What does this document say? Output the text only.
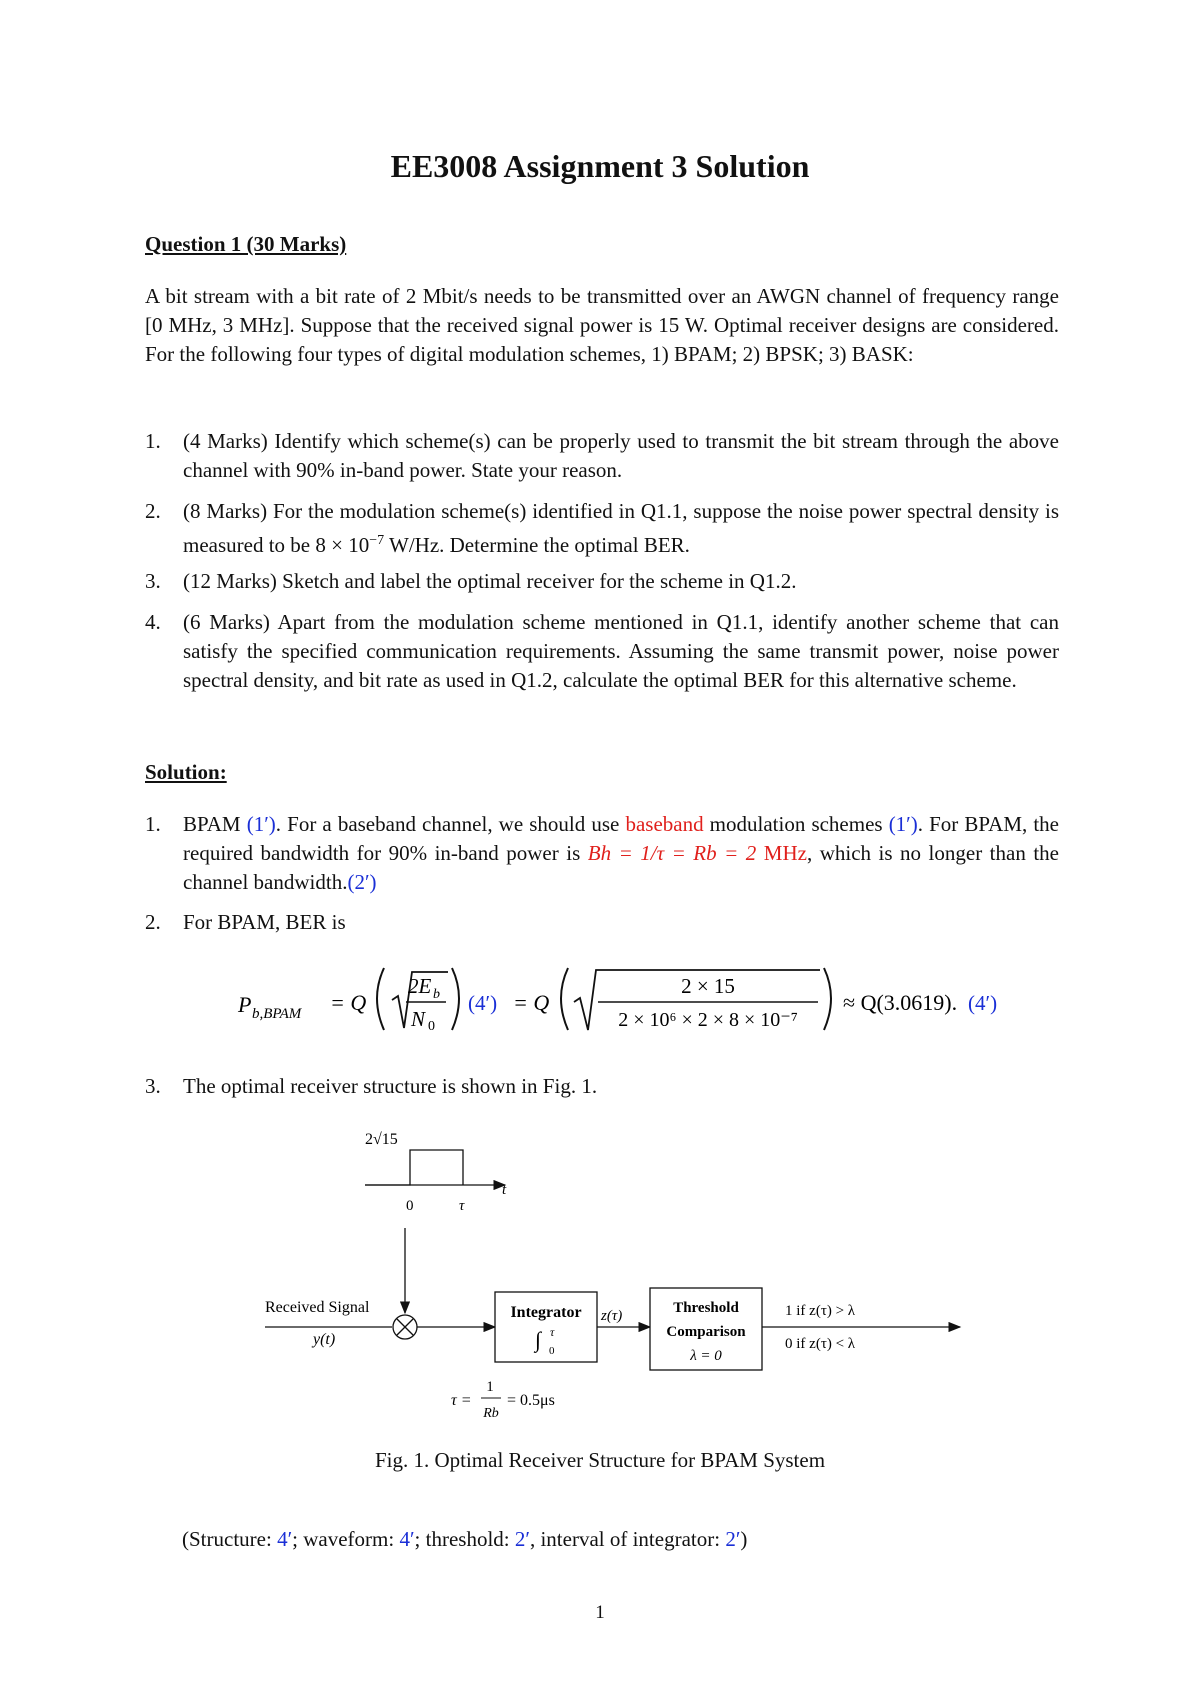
EE3008 Assignment 3 Solution
Question 1 (30 Marks)
A bit stream with a bit rate of 2 Mbit/s needs to be transmitted over an AWGN channel of frequency range [0 MHz, 3 MHz]. Suppose that the received signal power is 15 W. Optimal receiver designs are considered. For the following four types of digital modulation schemes, 1) BPAM; 2) BPSK; 3) BASK:
1. (4 Marks) Identify which scheme(s) can be properly used to transmit the bit stream through the above channel with 90% in-band power. State your reason.
2. (8 Marks) For the modulation scheme(s) identified in Q1.1, suppose the noise power spectral density is measured to be $8 \times 10^{-7}$ W/Hz. Determine the optimal BER.
3. (12 Marks) Sketch and label the optimal receiver for the scheme in Q1.2.
4. (6 Marks) Apart from the modulation scheme mentioned in Q1.1, identify another scheme that can satisfy the specified communication requirements. Assuming the same transmit power, noise power spectral density, and bit rate as used in Q1.2, calculate the optimal BER for this alternative scheme.
Solution:
1. BPAM (1′). For a baseband channel, we should use baseband modulation schemes (1′). For BPAM, the required bandwidth for 90% in-band power is Bh = 1/τ = Rb = 2 MHz, which is no longer than the channel bandwidth.(2′)
2. For BPAM, BER is
P b,BPAM = Q
2E b
N 0
(4′) = Q
2 × 15
2 × 10⁶ × 2 × 8 × 10⁻⁷
≈ Q(3.0619). (4′)
3. The optimal receiver structure is shown in Fig. 1.
2√15
t
0	τ
Received Signal
y(t)
Integrator
∫ τ
0
z(τ)	Threshold
Comparison
λ = 0
1 if z(τ) > λ
0 if z(τ) < λ
τ =
1
Rb
= 0.5μs
Fig. 1. Optimal Receiver Structure for BPAM System
(Structure: 4′; waveform: 4′; threshold: 2′, interval of integrator: 2′)
1
